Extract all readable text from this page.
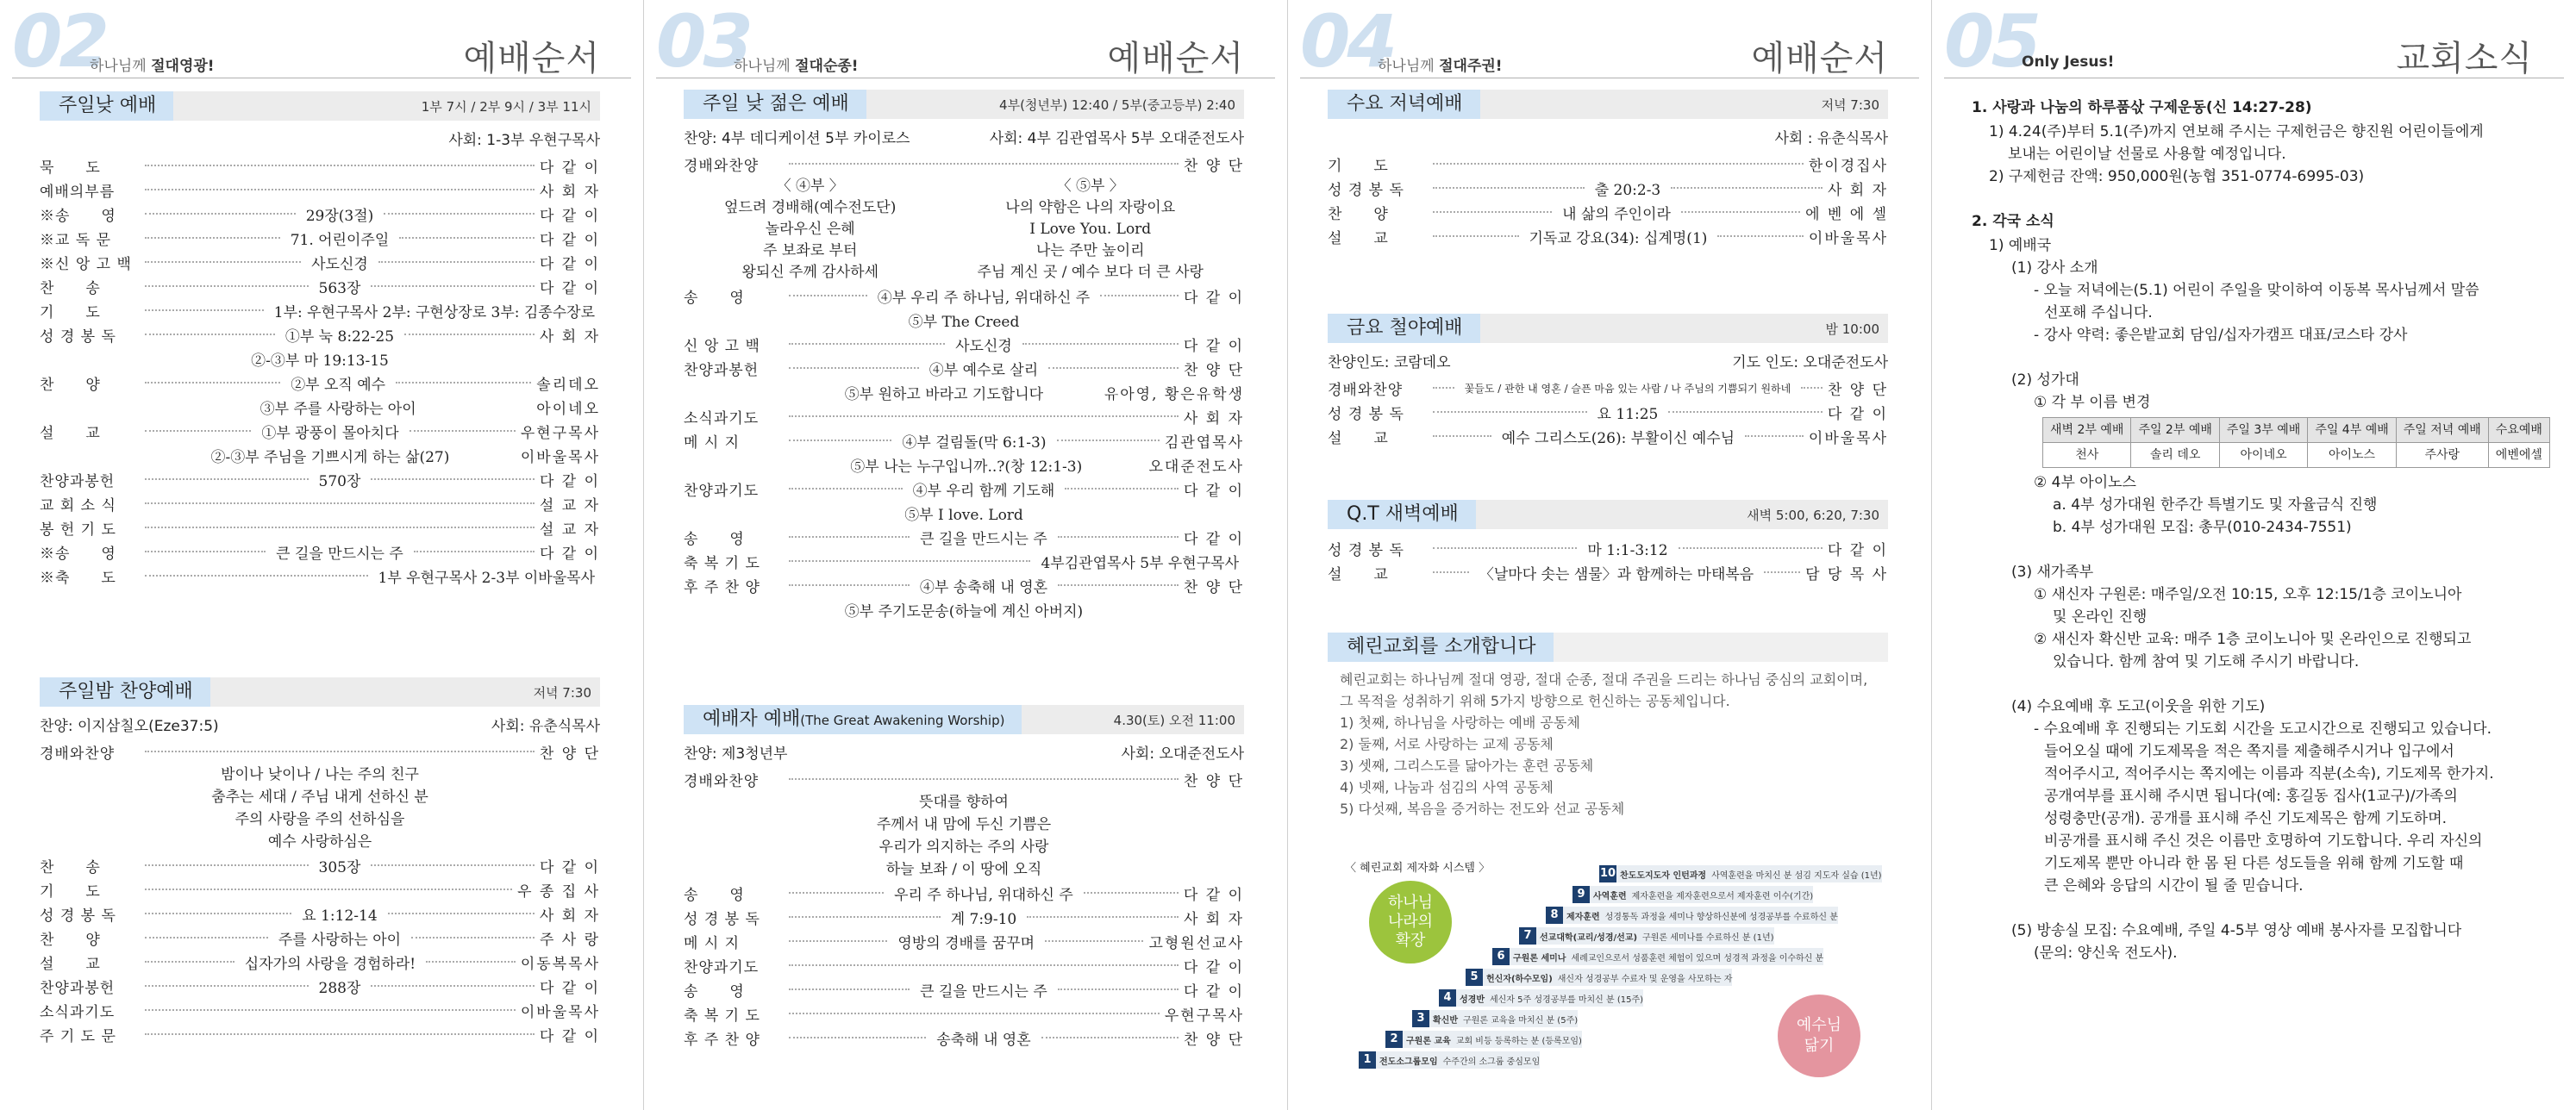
02
하나님께 절대영광!	예배순서
주일낮 예배	1부 7시 / 2부 9시 / 3부 11시
사회: 1-3부 우현구목사
묵　　도	다 같 이
예배의부름	사 회 자
※송　　영	29장(3절)	다 같 이
※교 독 문	71. 어린이주일	다 같 이
※신 앙 고 백	사도신경	다 같 이
찬　　송	563장	다 같 이
기　　도	1부: 우현구목사 2부: 구현상장로 3부: 김종수장로
성 경 봉 독	①부 눅 8:22-25	사 회 자
②-③부 마 19:13-15
찬　　양	②부 오직 예수	솔리데오
③부 주를 사랑하는 아이	아이네오
설　　교	①부 광풍이 몰아치다	우현구목사
②-③부 주님을 기쁘시게 하는 삶(27)	이바울목사
찬양과봉헌	570장	다 같 이
교 회 소 식	설 교 자
봉 헌 기 도	설 교 자
※송　　영	큰 길을 만드시는 주	다 같 이
※축　　도	1부 우현구목사 2-3부 이바울목사
주일밤 찬양예배	저녁 7:30
찬양: 이지삼칠오(Eze37:5)	사회: 유춘식목사
경배와찬양	찬 양 단
밤이나 낮이나 / 나는 주의 친구
춤추는 세대 / 주님 내게 선하신 분
주의 사랑을 주의 선하심을
예수 사랑하심은
찬　　송	305장	다 같 이
기　　도	우 종 집 사
성 경 봉 독	요 1:12-14	사 회 자
찬　　양	주를 사랑하는 아이	주 사 랑
설　　교	십자가의 사랑을 경험하라!	이동복목사
찬양과봉헌	288장	다 같 이
소식과기도	이바울목사
주 기 도 문	다 같 이
03
하나님께 절대순종!	예배순서
주일 낮 젊은 예배	4부(청년부) 12:40 / 5부(중고등부) 2:40
찬양: 4부 데디케이션 5부 카이로스	사회: 4부 김관엽목사 5부 오대준전도사
경배와찬양	찬 양 단
〈 ④부 〉
엎드려 경배해(예수전도단)
놀라우신 은혜
주 보좌로 부터
왕되신 주께 감사하세
〈 ⑤부 〉
나의 약함은 나의 자랑이요
I Love You. Lord
나는 주만 높이리
주님 계신 곳 / 예수 보다 더 큰 사랑
송　　영	④부 우리 주 하나님, 위대하신 주	다 같 이
⑤부 The Creed
신 앙 고 백	사도신경	다 같 이
찬양과봉헌	④부 예수로 살리	찬 양 단
⑤부 원하고 바라고 기도합니다	유아영, 황은유학생
소식과기도	사 회 자
메 시 지	④부 걸림돌(막 6:1-3)	김관엽목사
⑤부 나는 누구입니까..?(창 12:1-3)	오대준전도사
찬양과기도	④부 우리 함께 기도해	다 같 이
⑤부 I love. Lord
송　　영	큰 길을 만드시는 주	다 같 이
축 복 기 도	4부김관엽목사 5부 우현구목사
후 주 찬 양	④부 송축해 내 영혼	찬 양 단
⑤부 주기도문송(하늘에 계신 아버지)
예배자 예배(The Great Awakening Worship)	4.30(토) 오전 11:00
찬양: 제3청년부	사회: 오대준전도사
경배와찬양	찬 양 단
뜻대를 향하여
주께서 내 맘에 두신 기쁨은
우리가 의지하는 주의 사랑
하늘 보좌 / 이 땅에 오직
송　　영	우리 주 하나님, 위대하신 주	다 같 이
성 경 봉 독	계 7:9-10	사 회 자
메 시 지	영방의 경배를 꿈꾸며	고형원선교사
찬양과기도	다 같 이
송　　영	큰 길을 만드시는 주	다 같 이
축 복 기 도	우현구목사
후 주 찬 양	송축해 내 영혼	찬 양 단
04
하나님께 절대주권!	예배순서
수요 저녁예배	저녁 7:30
사회 : 유춘식목사
기　　도	한이경집사
성 경 봉 독	출 20:2-3	사 회 자
찬　　양	내 삶의 주인이라	에 벤 에 셀
설　　교	기독교 강요(34): 십계명(1)	이바울목사
금요 철야예배	밤 10:00
찬양인도: 코람데오	기도 인도: 오대준전도사
경배와찬양	꽃들도 / 관한 내 영혼 / 슬픈 마음 있는 사람 / 나 주님의 기쁨되기 원하네	찬 양 단
성 경 봉 독	요 11:25	다 같 이
설　　교	예수 그리스도(26): 부활이신 예수님	이바울목사
Q.T 새벽예배	새벽 5:00, 6:20, 7:30
성 경 봉 독	마 1:1-3:12	다 같 이
설　　교	〈날마다 솟는 샘물〉과 함께하는 마태복음	담 당 목 사
혜린교회를 소개합니다
혜린교회는 하나님께 절대 영광, 절대 순종, 절대 주권을 드리는 하나님 중심의 교회이며,
그 목적을 성취하기 위해 5가지 방향으로 헌신하는 공동체입니다.
1) 첫째, 하나님을 사랑하는 예배 공동체
2) 둘째, 서로 사랑하는 교제 공동체
3) 셋째, 그리스도를 닮아가는 훈련 공동체
4) 넷째, 나눔과 섬김의 사역 공동체
5) 다섯째, 복음을 증거하는 전도와 선교 공동체
〈 혜린교회 제자화 시스템 〉
하나님
나라의
확장
예수님
닮기
1 전도소그룹모임 수주간의 소그룹 중심모임
2 구원론 교육 교회 비등 등록하는 분 (등록모임)
3 확신반 구원론 교육을 마치신 분 (5주)
4 성경반 세신자 5주 성경공부를 마치신 분 (15주)
5 헌신자(하수모임) 새신자 성경공부 수료자 및 운영을 사모하는 자
6 구원론 세미나 세례교인으로서 성품훈련 체험이 있으며 성경적 과정을 이수하신 분
7 선교대학(교리/성경/선교) 구원론 세미나를 수료하신 분 (1년)
8 제자훈련 성경통독 과정을 세미나 향상하신분에 성경공부를 수료하신 분
9 사역훈련 제자훈련을 제자훈련으로서 제자훈련 이수(기간)
10 찬도도지도자 인턴과정 사역훈련을 마치신 분 섬김 지도자 실습 (1년)
05
Only Jesus!	교회소식
1. 사랑과 나눔의 하루품삯 구제운동(신 14:27-28)
1) 4.24(주)부터 5.1(주)까지 연보해 주시는 구제헌금은 향진원 어린이들에게
보내는 어린이날 선물로 사용할 예정입니다.
2) 구제헌금 잔액: 950,000원(농협 351-0774-6995-03)
2. 각국 소식
1) 예배국
(1) 강사 소개
- 오늘 저녁에는(5.1) 어린이 주일을 맞이하여 이동복 목사님께서 말씀
선포해 주십니다.
- 강사 약력: 좋은밭교회 담임/십자가캠프 대표/코스타 강사
(2) 성가대
① 각 부 이름 변경
새벽 2부 예배	주일 2부 예배	주일 3부 예배	주일 4부 예배	주일 저녁 예배	수요예배
천사	솔리 데오	아이네오	아이노스	주사랑	에벤에셀
② 4부 아이노스
a. 4부 성가대원 한주간 특별기도 및 자율금식 진행
b. 4부 성가대원 모집: 총무(010-2434-7551)
(3) 새가족부
① 새신자 구원론: 매주일/오전 10:15, 오후 12:15/1층 코이노니아
및 온라인 진행
② 새신자 확신반 교육: 매주 1층 코이노니아 및 온라인으로 진행되고
있습니다. 함께 참여 및 기도해 주시기 바랍니다.
(4) 수요예배 후 도고(이웃을 위한 기도)
- 수요예배 후 진행되는 기도회 시간을 도고시간으로 진행되고 있습니다.
들어오실 때에 기도제목을 적은 쪽지를 제출해주시거나 입구에서
적어주시고, 적어주시는 쪽지에는 이름과 직분(소속), 기도제목 한가지.
공개여부를 표시해 주시면 됩니다(예: 홍길동 집사(1교구)/가족의
성령충만(공개). 공개를 표시해 주신 기도제목은 함께 기도하며.
비공개를 표시해 주신 것은 이름만 호명하여 기도합니다. 우리 자신의
기도제목 뿐만 아니라 한 몸 된 다른 성도들을 위해 함께 기도할 때
큰 은혜와 응답의 시간이 될 줄 믿습니다.
(5) 방송실 모집: 수요예배, 주일 4-5부 영상 예배 봉사자를 모집합니다
(문의: 양신욱 전도사).
